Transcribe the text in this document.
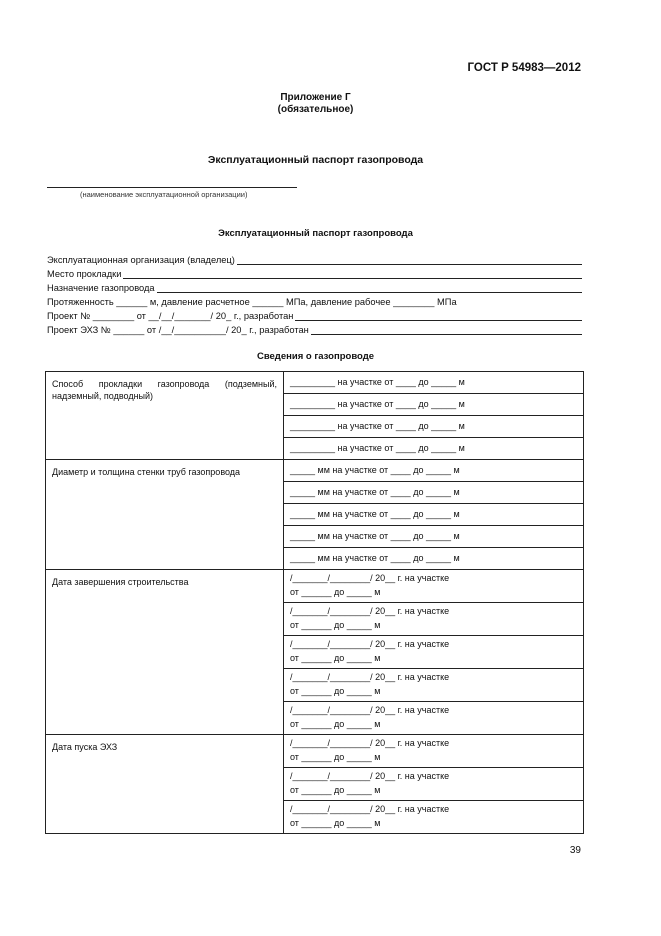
ГОСТ Р 54983—2012
Приложение Г
(обязательное)
Эксплуатационный паспорт газопровода
(наименование эксплуатационной организации)
Эксплуатационный паспорт газопровода
Эксплуатационная организация (владелец)
Место прокладки
Назначение газопровода
Протяженность ______ м, давление расчетное ______ МПа, давление рабочее ________ МПа
Проект № ________ от __/__/_______/ 20_ г., разработан
Проект ЭХЗ № ______ от /__/__________/ 20_ г., разработан
Сведения о газопроводе
Способ прокладки газопровода (подземный, надземный, подводный)	_________ на участке от ____ до _____ м

	_________ на участке от ____ до _____ м

	_________ на участке от ____ до _____ м

	_________ на участке от ____ до _____ м

Диаметр и толщина стенки труб газопровода	_____ мм на участке от ____ до _____ м

	_____ мм на участке от ____ до _____ м

	_____ мм на участке от ____ до _____ м

	_____ мм на участке от ____ до _____ м

	_____ мм на участке от ____ до _____ м

Дата завершения строительства	/_______/________/ 20__ г. на участке
от ______ до _____ м

	/_______/________/ 20__ г. на участке
от ______ до _____ м

	/_______/________/ 20__ г. на участке
от ______ до _____ м

	/_______/________/ 20__ г. на участке
от ______ до _____ м

	/_______/________/ 20__ г. на участке
от ______ до _____ м

Дата пуска ЭХЗ	/_______/________/ 20__ г. на участке
от ______ до _____ м

	/_______/________/ 20__ г. на участке
от ______ до _____ м

	/_______/________/ 20__ г. на участке
от ______ до _____ м
39
